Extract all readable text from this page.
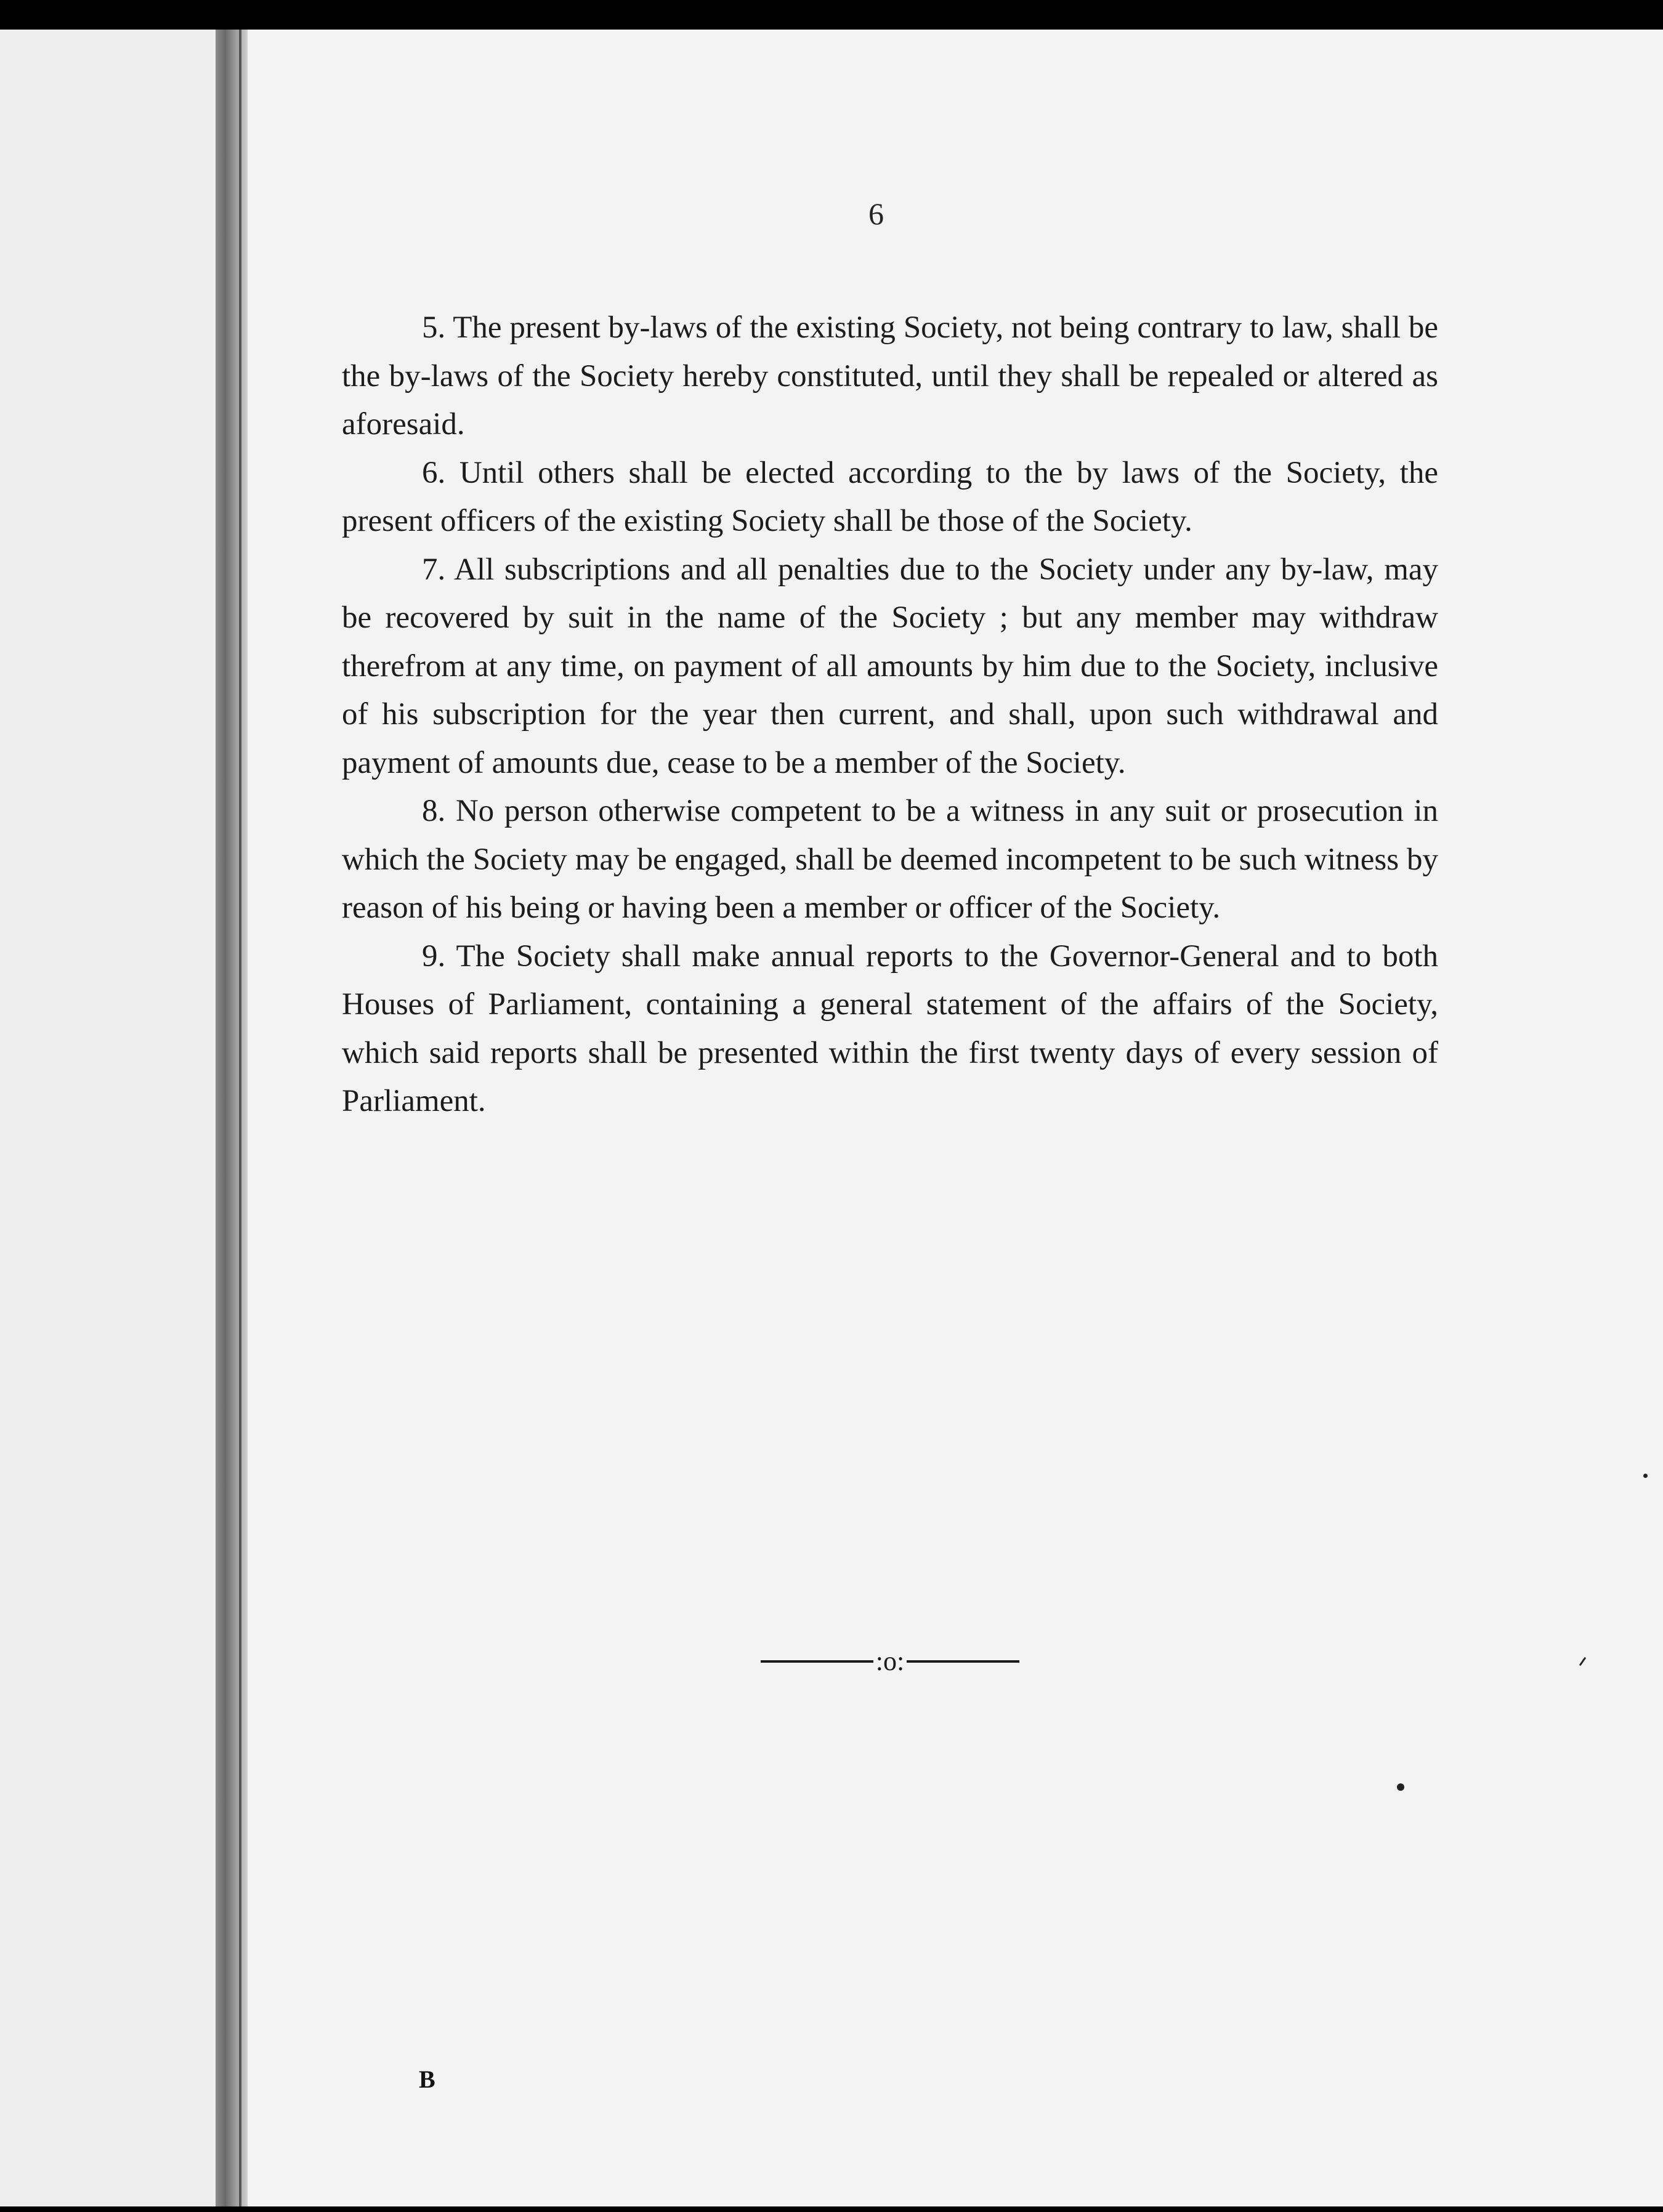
6

5. The present by-laws of the existing Society, not being contrary to law, shall be the by-laws of the Society hereby constituted, until they shall be repealed or altered as aforesaid.

6. Until others shall be elected according to the by laws of the Society, the present officers of the existing Society shall be those of the Society.

7. All subscriptions and all penalties due to the Society under any by-law, may be recovered by suit in the name of the Society ; but any member may withdraw therefrom at any time, on payment of all amounts by him due to the Society, inclusive of his subscription for the year then current, and shall, upon such withdrawal and payment of amounts due, cease to be a member of the Society.

8. No person otherwise competent to be a witness in any suit or prosecution in which the Society may be engaged, shall be deemed incompetent to be such witness by reason of his being or having been a member or officer of the Society.

9. The Society shall make annual reports to the Governor-General and to both Houses of Parliament, containing a general statement of the affairs of the Society, which said reports shall be presented within the first twenty days of every session of Parliament.

:o:
B
